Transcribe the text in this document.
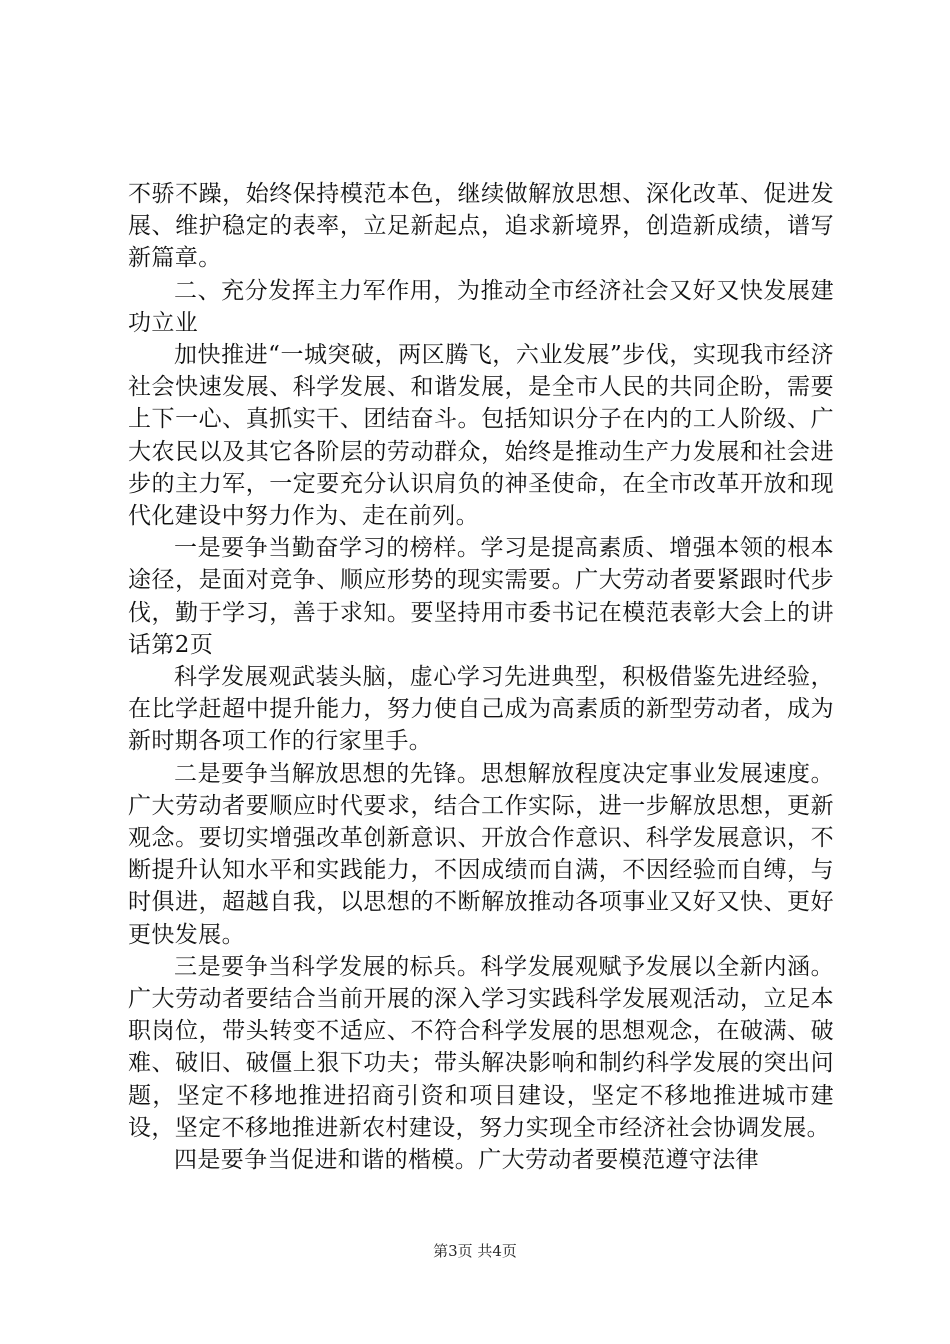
不骄不躁，始终保持模范本色，继续做解放思想、深化改革、促进发展、维护稳定的表率，立足新起点，追求新境界，创造新成绩，谱写新篇章。

二、充分发挥主力军作用，为推动全市经济社会又好又快发展建功立业

加快推进“一城突破，两区腾飞，六业发展”步伐，实现我市经济社会快速发展、科学发展、和谐发展，是全市人民的共同企盼，需要上下一心、真抓实干、团结奋斗。包括知识分子在内的工人阶级、广大农民以及其它各阶层的劳动群众，始终是推动生产力发展和社会进步的主力军，一定要充分认识肩负的神圣使命，在全市改革开放和现代化建设中努力作为、走在前列。

一是要争当勤奋学习的榜样。学习是提高素质、增强本领的根本途径，是面对竞争、顺应形势的现实需要。广大劳动者要紧跟时代步伐，勤于学习，善于求知。要坚持用市委书记在模范表彰大会上的讲话第2页

科学发展观武装头脑，虚心学习先进典型，积极借鉴先进经验，在比学赶超中提升能力，努力使自己成为高素质的新型劳动者，成为新时期各项工作的行家里手。

二是要争当解放思想的先锋。思想解放程度决定事业发展速度。广大劳动者要顺应时代要求，结合工作实际，进一步解放思想，更新观念。要切实增强改革创新意识、开放合作意识、科学发展意识，不断提升认知水平和实践能力，不因成绩而自满，不因经验而自缚，与时俱进，超越自我，以思想的不断解放推动各项事业又好又快、更好更快发展。

三是要争当科学发展的标兵。科学发展观赋予发展以全新内涵。广大劳动者要结合当前开展的深入学习实践科学发展观活动，立足本职岗位，带头转变不适应、不符合科学发展的思想观念，在破满、破难、破旧、破僵上狠下功夫；带头解决影响和制约科学发展的突出问题，坚定不移地推进招商引资和项目建设，坚定不移地推进城市建设，坚定不移地推进新农村建设，努力实现全市经济社会协调发展。

四是要争当促进和谐的楷模。广大劳动者要模范遵守法律

第3页 共4页
